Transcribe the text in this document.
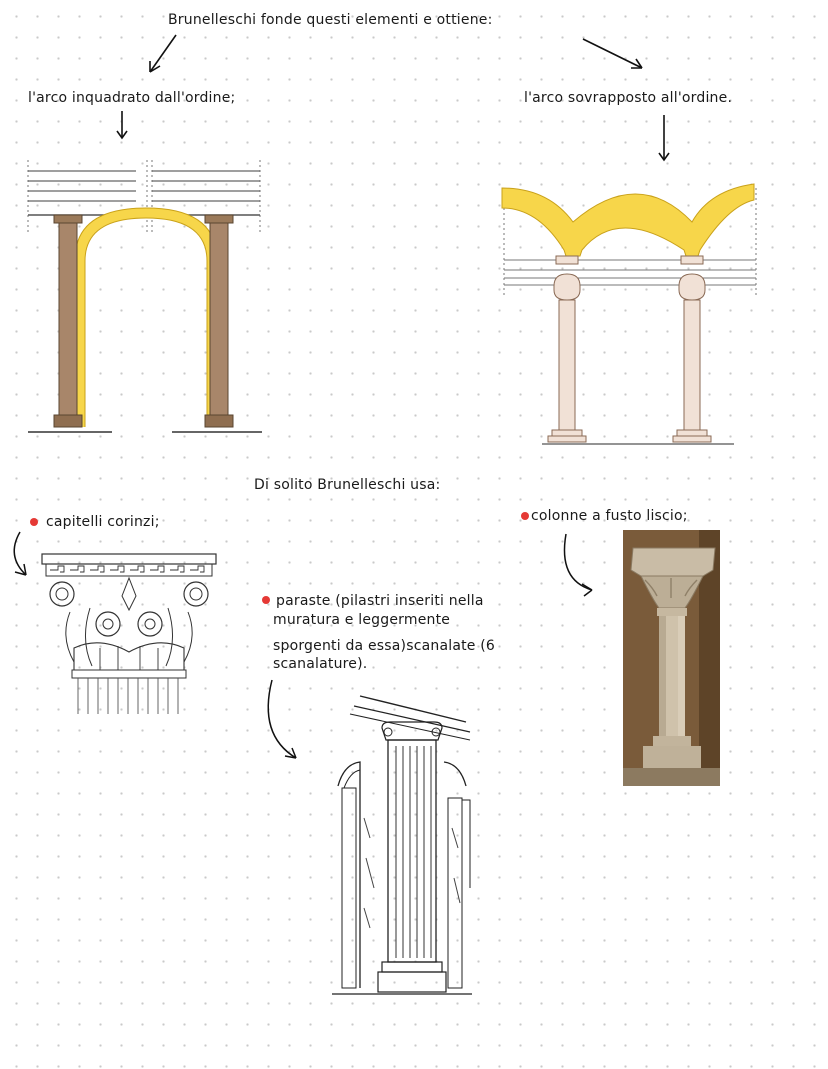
Brunelleschi fonde questi elementi e ottiene:
l'arco inquadrato dall'ordine;	l'arco sovrapposto all'ordine.
Di solito Brunelleschi usa:
capitelli corinzi;	colonne a fusto liscio;
paraste (pilastri inseriti nella
muratura e leggermente
sporgenti da essa)scanalate (6
scanalature).
